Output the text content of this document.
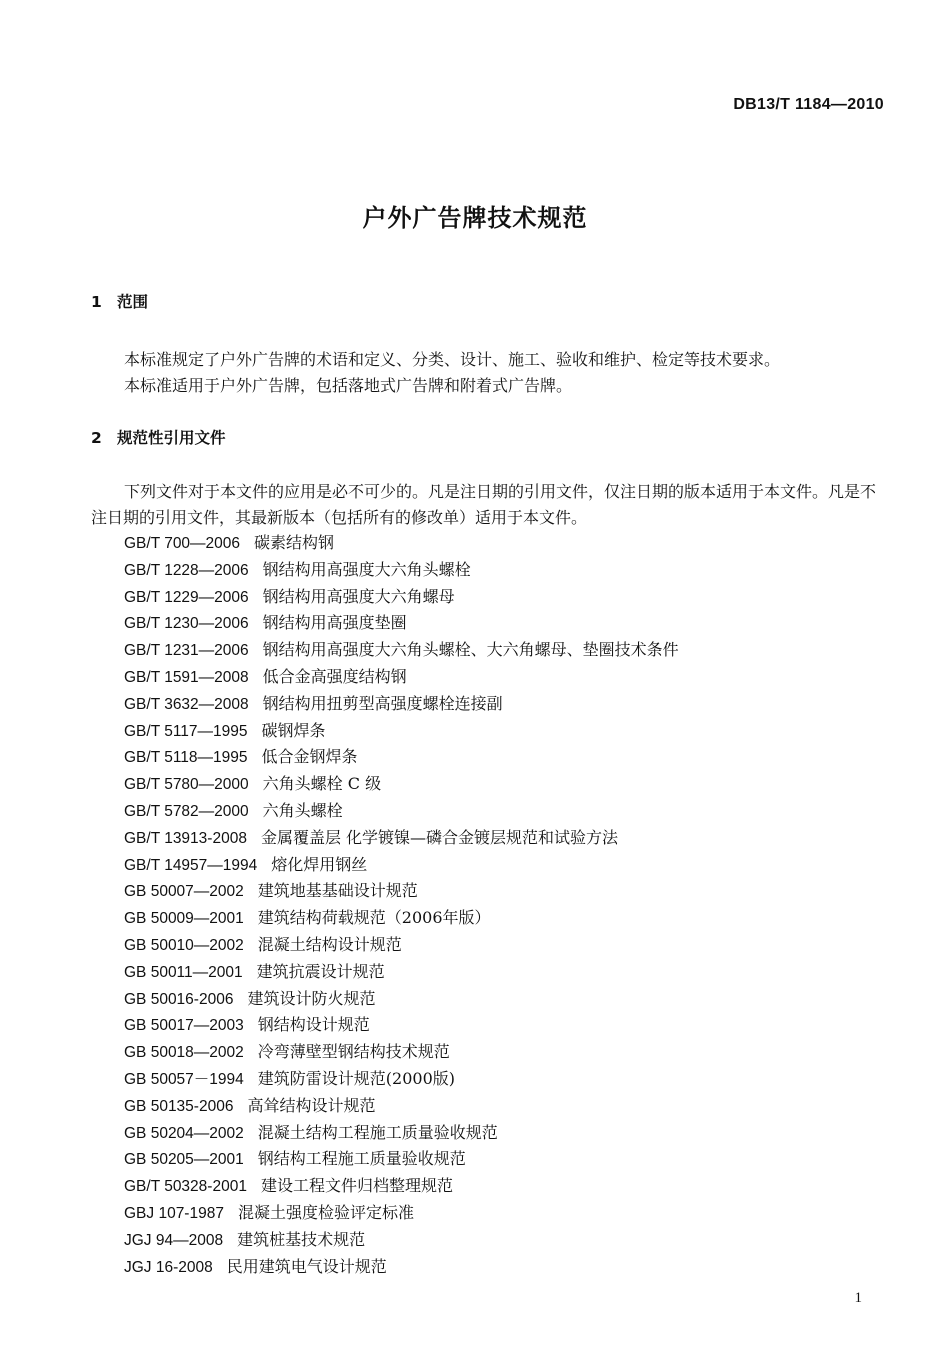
DB13/T 1184—2010
户外广告牌技术规范
1 范围
本标准规定了户外广告牌的术语和定义、分类、设计、施工、验收和维护、检定等技术要求。
本标准适用于户外广告牌，包括落地式广告牌和附着式广告牌。
2 规范性引用文件
下列文件对于本文件的应用是必不可少的。凡是注日期的引用文件，仅注日期的版本适用于本文件。凡是不注日期的引用文件，其最新版本（包括所有的修改单）适用于本文件。
GB/T 700—2006 碳素结构钢
GB/T 1228—2006 钢结构用高强度大六角头螺栓
GB/T 1229—2006 钢结构用高强度大六角螺母
GB/T 1230—2006 钢结构用高强度垫圈
GB/T 1231—2006 钢结构用高强度大六角头螺栓、大六角螺母、垫圈技术条件
GB/T 1591—2008 低合金高强度结构钢
GB/T 3632—2008 钢结构用扭剪型高强度螺栓连接副
GB/T 5117—1995 碳钢焊条
GB/T 5118—1995 低合金钢焊条
GB/T 5780—2000 六角头螺栓 C 级
GB/T 5782—2000 六角头螺栓
GB/T 13913-2008 金属覆盖层 化学镀镍—磷合金镀层规范和试验方法
GB/T 14957—1994 熔化焊用钢丝
GB 50007—2002 建筑地基基础设计规范
GB 50009—2001 建筑结构荷载规范（2006年版）
GB 50010—2002 混凝土结构设计规范
GB 50011—2001 建筑抗震设计规范
GB 50016-2006 建筑设计防火规范
GB 50017—2003 钢结构设计规范
GB 50018—2002 冷弯薄壁型钢结构技术规范
GB 50057－1994 建筑防雷设计规范(2000版)
GB 50135-2006 高耸结构设计规范
GB 50204—2002 混凝土结构工程施工质量验收规范
GB 50205—2001 钢结构工程施工质量验收规范
GB/T 50328-2001 建设工程文件归档整理规范
GBJ 107-1987 混凝土强度检验评定标准
JGJ 94—2008 建筑桩基技术规范
JGJ 16-2008 民用建筑电气设计规范
1
